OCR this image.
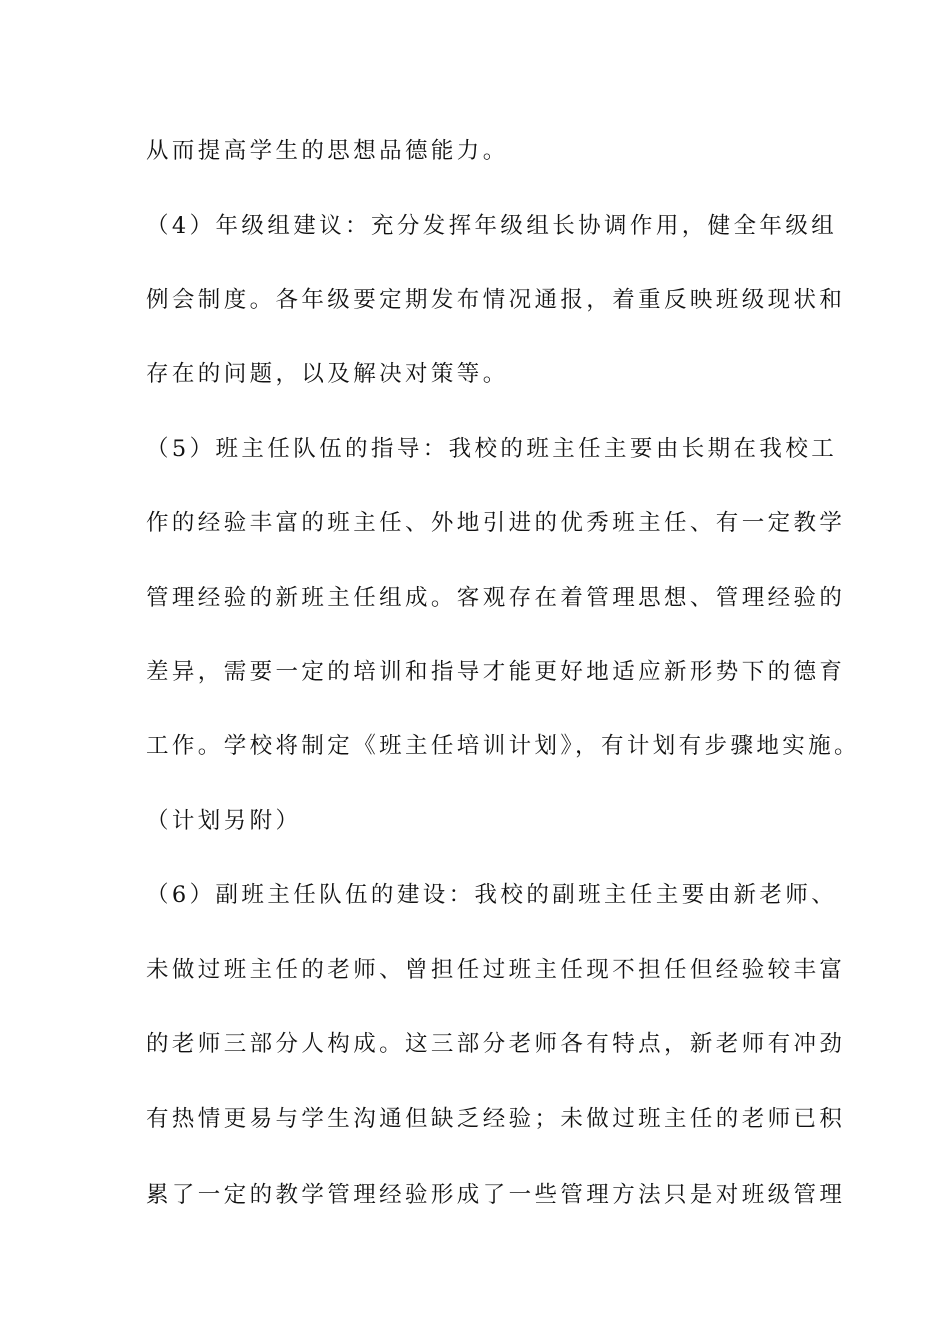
从而提高学生的思想品德能力。
（4）年级组建议：充分发挥年级组长协调作用，健全年级组
例会制度。各年级要定期发布情况通报，着重反映班级现状和
存在的问题，以及解决对策等。
（5）班主任队伍的指导：我校的班主任主要由长期在我校工
作的经验丰富的班主任、外地引进的优秀班主任、有一定教学
管理经验的新班主任组成。客观存在着管理思想、管理经验的
差异，需要一定的培训和指导才能更好地适应新形势下的德育
工作。学校将制定《班主任培训计划》，有计划有步骤地实施。
（计划另附）
（6）副班主任队伍的建设：我校的副班主任主要由新老师、
未做过班主任的老师、曾担任过班主任现不担任但经验较丰富
的老师三部分人构成。这三部分老师各有特点，新老师有冲劲
有热情更易与学生沟通但缺乏经验；未做过班主任的老师已积
累了一定的教学管理经验形成了一些管理方法只是对班级管理
